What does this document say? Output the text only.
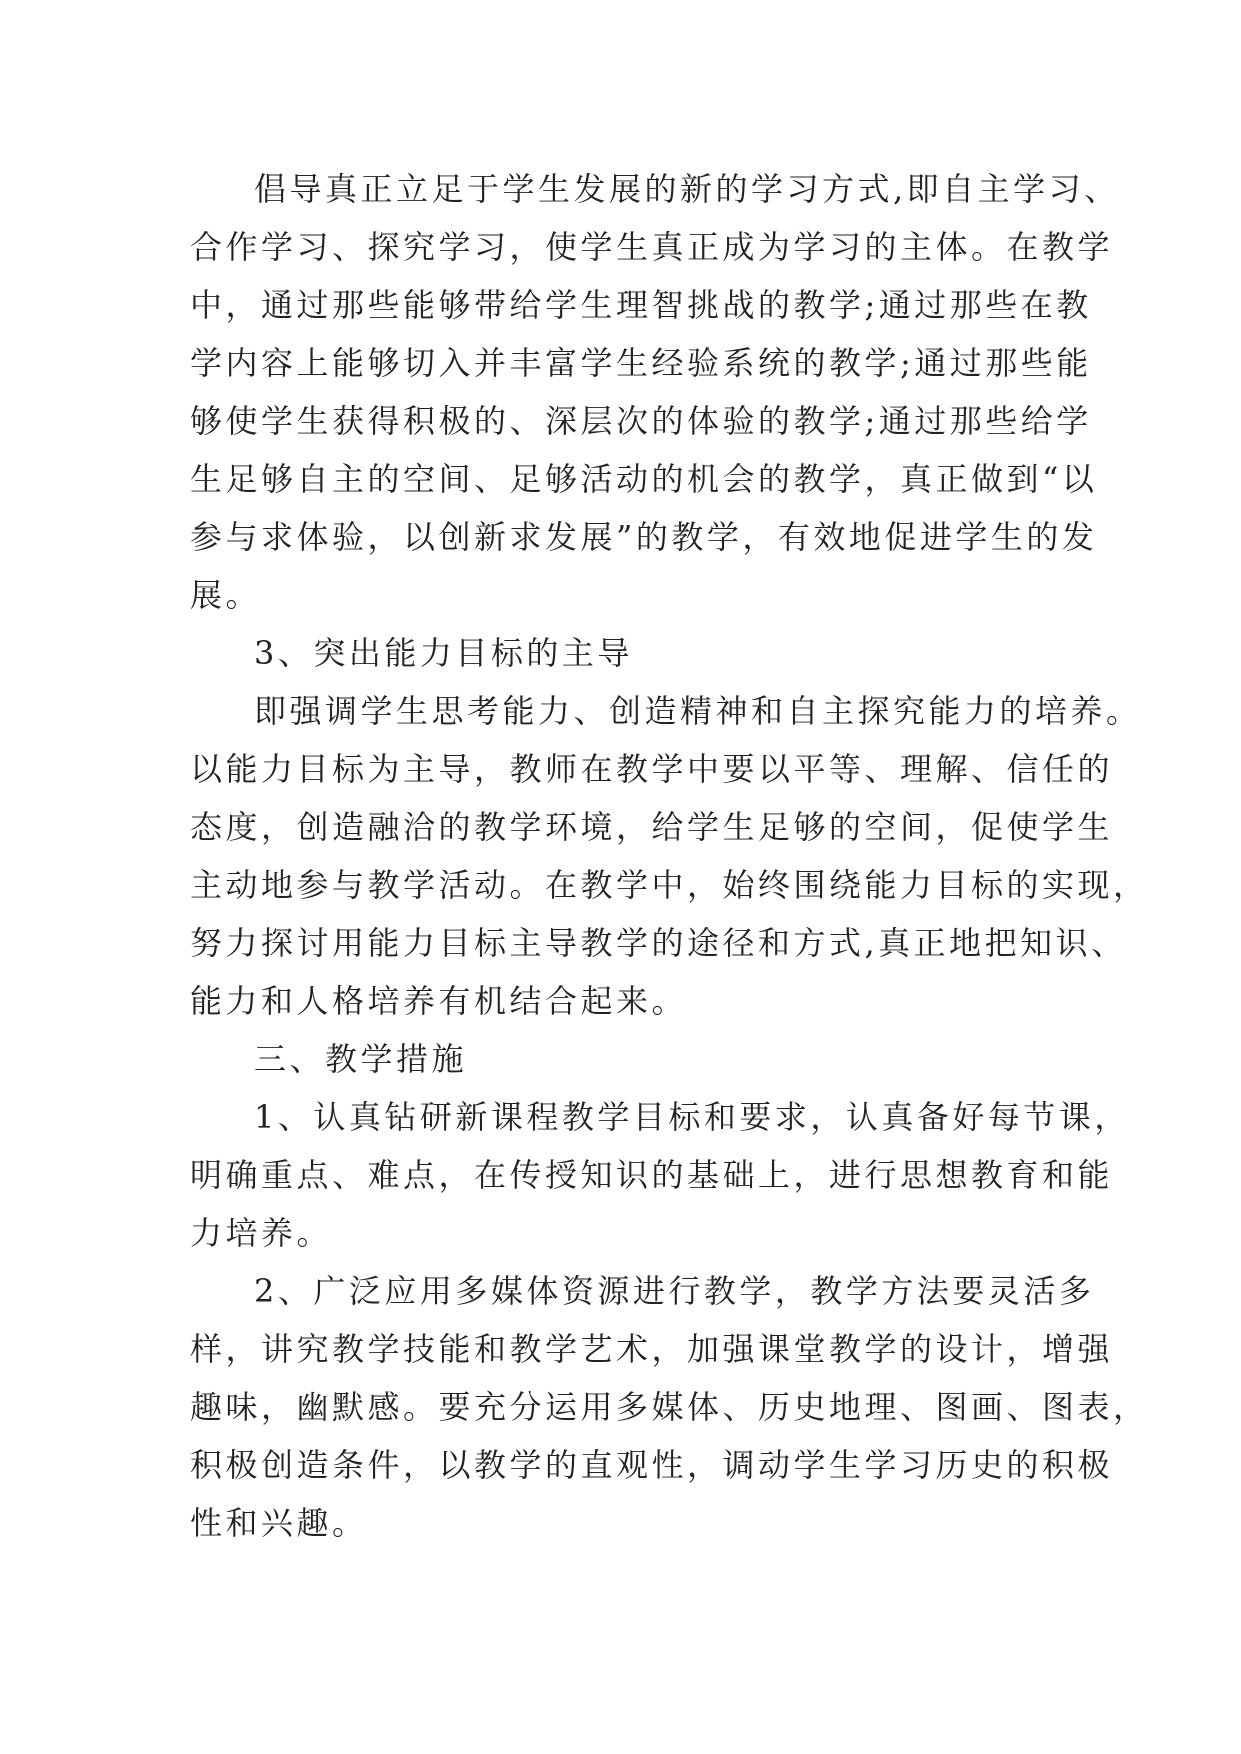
倡导真正立足于学生发展的新的学习方式,即自主学习、
合作学习、探究学习，使学生真正成为学习的主体。在教学
中，通过那些能够带给学生理智挑战的教学;通过那些在教
学内容上能够切入并丰富学生经验系统的教学;通过那些能
够使学生获得积极的、深层次的体验的教学;通过那些给学
生足够自主的空间、足够活动的机会的教学，真正做到“以
参与求体验，以创新求发展”的教学，有效地促进学生的发
展。
3、突出能力目标的主导
即强调学生思考能力、创造精神和自主探究能力的培养。
以能力目标为主导，教师在教学中要以平等、理解、信任的
态度，创造融洽的教学环境，给学生足够的空间，促使学生
主动地参与教学活动。在教学中，始终围绕能力目标的实现，
努力探讨用能力目标主导教学的途径和方式,真正地把知识、
能力和人格培养有机结合起来。
三、教学措施
1、认真钻研新课程教学目标和要求，认真备好每节课，
明确重点、难点，在传授知识的基础上，进行思想教育和能
力培养。
2、广泛应用多媒体资源进行教学，教学方法要灵活多
样，讲究教学技能和教学艺术，加强课堂教学的设计，增强
趣味，幽默感。要充分运用多媒体、历史地理、图画、图表，
积极创造条件，以教学的直观性，调动学生学习历史的积极
性和兴趣。
